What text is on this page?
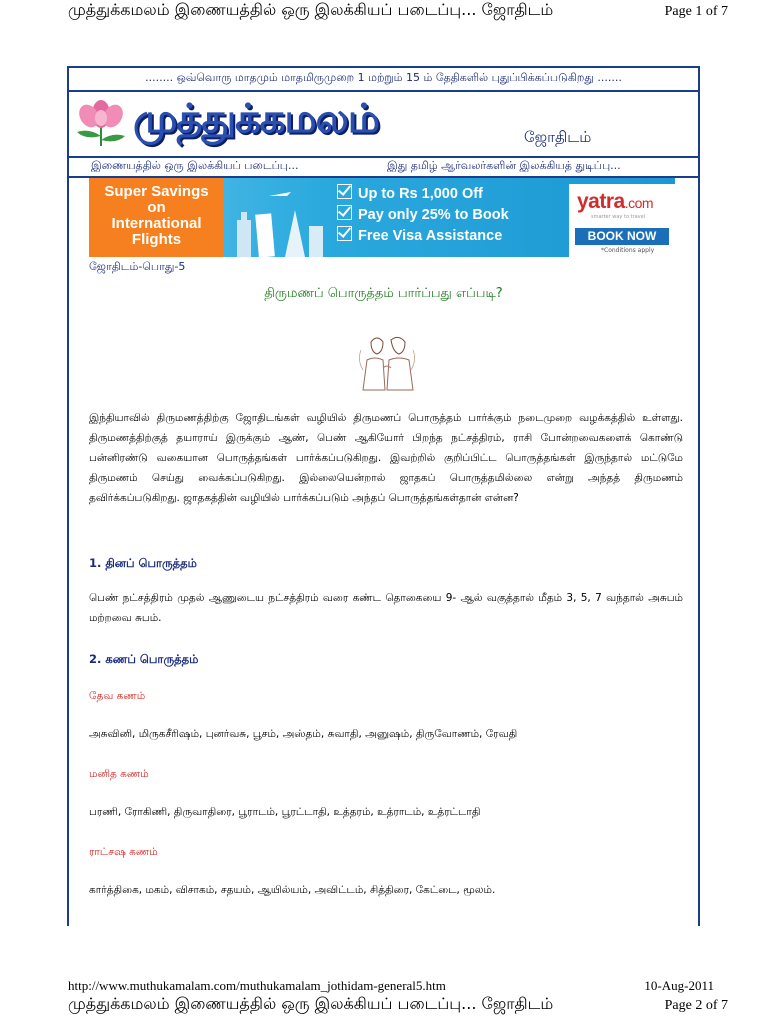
முத்துக்கமலம் இணையத்தில் ஒரு இலக்கியப் படைப்பு... ஜோதிடம்	Page 1 of 7
........ ஒவ்வொரு மாதமும் மாதமிருமுறை 1 மற்றும் 15 ம் தேதிகளில் புதுப்பிக்கப்படுகிறது .......
முத்துக்கமலம்	ஜோதிடம்
இணையத்தில் ஒரு இலக்கியப் படைப்பு...	இது தமிழ் ஆர்வலர்களின் இலக்கியத் துடிப்பு...
Super Savings
on
International
Flights
Up to Rs 1,000 Off
Pay only 25% to Book
Free Visa Assistance
yatra.com
smarter way to travel
BOOK NOW
*Conditions apply
ஜோதிடம்-பொது-5
திருமணப் பொருத்தம் பார்ப்பது எப்படி?
இந்தியாவில் திருமணத்திற்கு ஜோதிடங்கள் வழியில் திருமணப் பொருத்தம் பார்க்கும் நடைமுறை வழக்கத்தில் உள்ளது. திருமணத்திற்குத் தயாராய் இருக்கும் ஆண், பெண் ஆகியோர் பிறந்த நட்சத்திரம், ராசி போன்றவைகளைக் கொண்டு பன்னிரண்டு வகையான பொருத்தங்கள் பார்க்கப்படுகிறது. இவற்றில் குறிப்பிட்ட பொருத்தங்கள் இருந்தால் மட்டுமே திருமணம் செய்து வைக்கப்படுகிறது. இல்லையென்றால் ஜாதகப் பொருத்தமில்லை என்று அந்தத் திருமணம் தவிர்க்கப்படுகிறது. ஜாதகத்தின் வழியில் பார்க்கப்படும் அந்தப் பொருத்தங்கள்தான் என்ன?
1. தினப் பொருத்தம்
பெண் நட்சத்திரம் முதல் ஆணுடைய நட்சத்திரம் வரை கண்ட தொகையை 9- ஆல் வகுத்தால் மீதம் 3, 5, 7 வந்தால் அசுபம் மற்றவை சுபம்.
2. கணப் பொருத்தம்
தேவ கணம்
அசுவினி, மிருகசீரிஷம், புனர்வசு, பூசம், அஸ்தம், சுவாதி, அனுஷம், திருவோணம், ரேவதி
மனித கணம்
பரணி, ரோகிணி, திருவாதிரை, பூராடம், பூரட்டாதி, உத்தரம், உத்ராடம், உத்ரட்டாதி
ராட்சஷ கணம்
கார்த்திகை, மகம், விசாகம், சதயம், ஆயில்யம், அவிட்டம், சித்திரை, கேட்டை, மூலம்.
http://www.muthukamalam.com/muthukamalam_jothidam-general5.htm	10-Aug-2011
முத்துக்கமலம் இணையத்தில் ஒரு இலக்கியப் படைப்பு... ஜோதிடம்	Page 2 of 7
